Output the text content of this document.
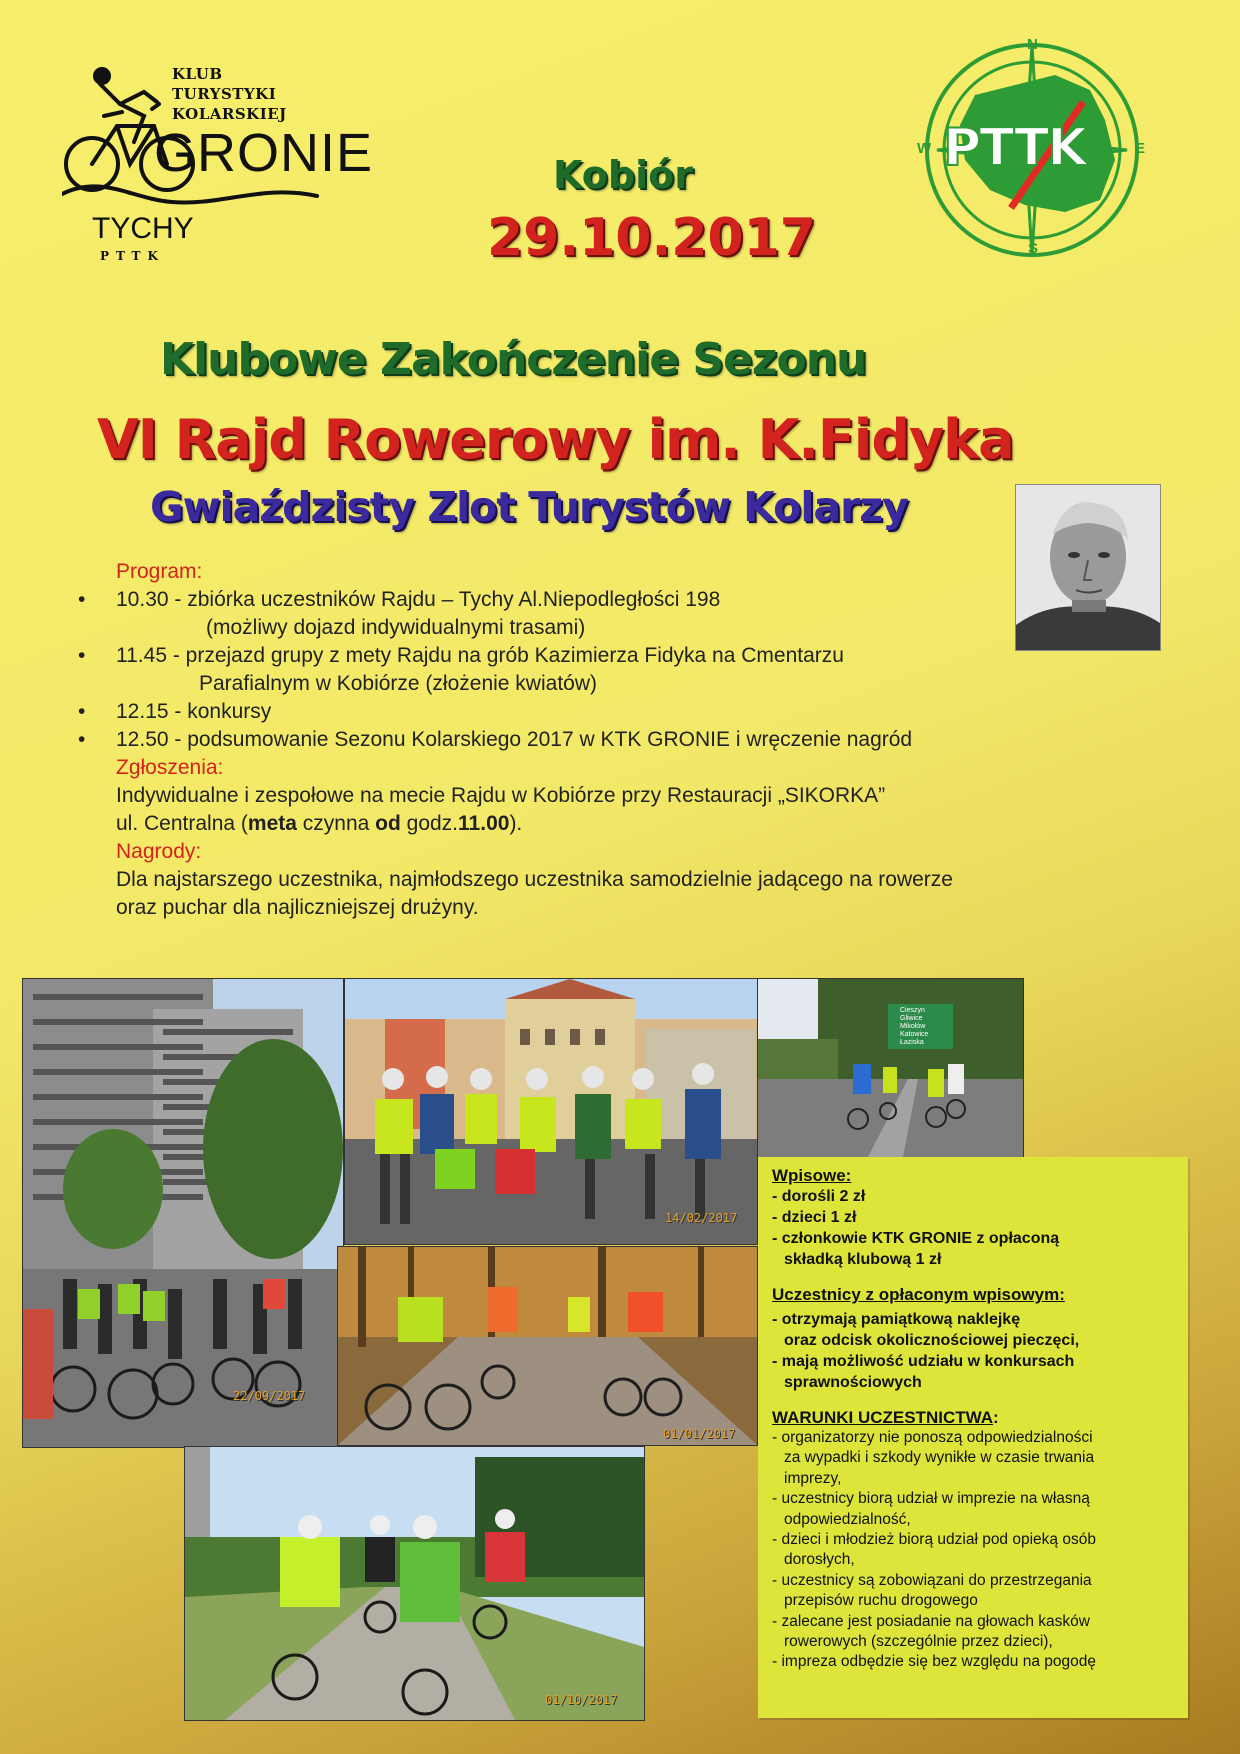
KLUB
TURYSTYKI
KOLARSKIEJ
GRONIE
TYCHY
PTTK
N
S
W	E
PTTK
Kobiór
29.10.2017
Klubowe Zakończenie Sezonu
VI Rajd Rowerowy im. K.Fidyka
Gwiaździsty Zlot Turystów Kolarzy
Program:
• 10.30 - zbiórka uczestników Rajdu – Tychy Al.Niepodległości 198
(możliwy dojazd indywidualnymi trasami)
• 11.45 - przejazd grupy z mety Rajdu na grób Kazimierza Fidyka na Cmentarzu
Parafialnym w Kobiórze (złożenie kwiatów)
• 12.15 - konkursy
• 12.50 - podsumowanie Sezonu Kolarskiego 2017 w KTK GRONIE i wręczenie nagród
Zgłoszenia:
Indywidualne i zespołowe na mecie Rajdu w Kobiórze przy Restauracji „SIKORKA”
ul. Centralna (meta czynna od godz.11.00).
Nagrody:
Dla najstarszego uczestnika, najmłodszego uczestnika samodzielnie jadącego na rowerze
oraz puchar dla najliczniejszej drużyny.
22/09/2017
14/02/2017
Cieszyn
Gliwice
Mikołów
Katowice
Łaziska
01/01/2017
01/10/2017
Wpisowe:
- dorośli 2 zł
- dzieci 1 zł
- członkowie KTK GRONIE z opłaconą
składką klubową 1 zł
Uczestnicy z opłaconym wpisowym:
- otrzymają pamiątkową naklejkę
oraz odcisk okolicznościowej pieczęci,
- mają możliwość udziału w konkursach
sprawnościowych
WARUNKI UCZESTNICTWA:
- organizatorzy nie ponoszą odpowiedzialności
za wypadki i szkody wynikłe w czasie trwania
imprezy,
- uczestnicy biorą udział w imprezie na własną
odpowiedzialność,
- dzieci i młodzież biorą udział pod opieką osób
dorosłych,
- uczestnicy są zobowiązani do przestrzegania
przepisów ruchu drogowego
- zalecane jest posiadanie na głowach kasków
rowerowych (szczególnie przez dzieci),
- impreza odbędzie się bez względu na pogodę
